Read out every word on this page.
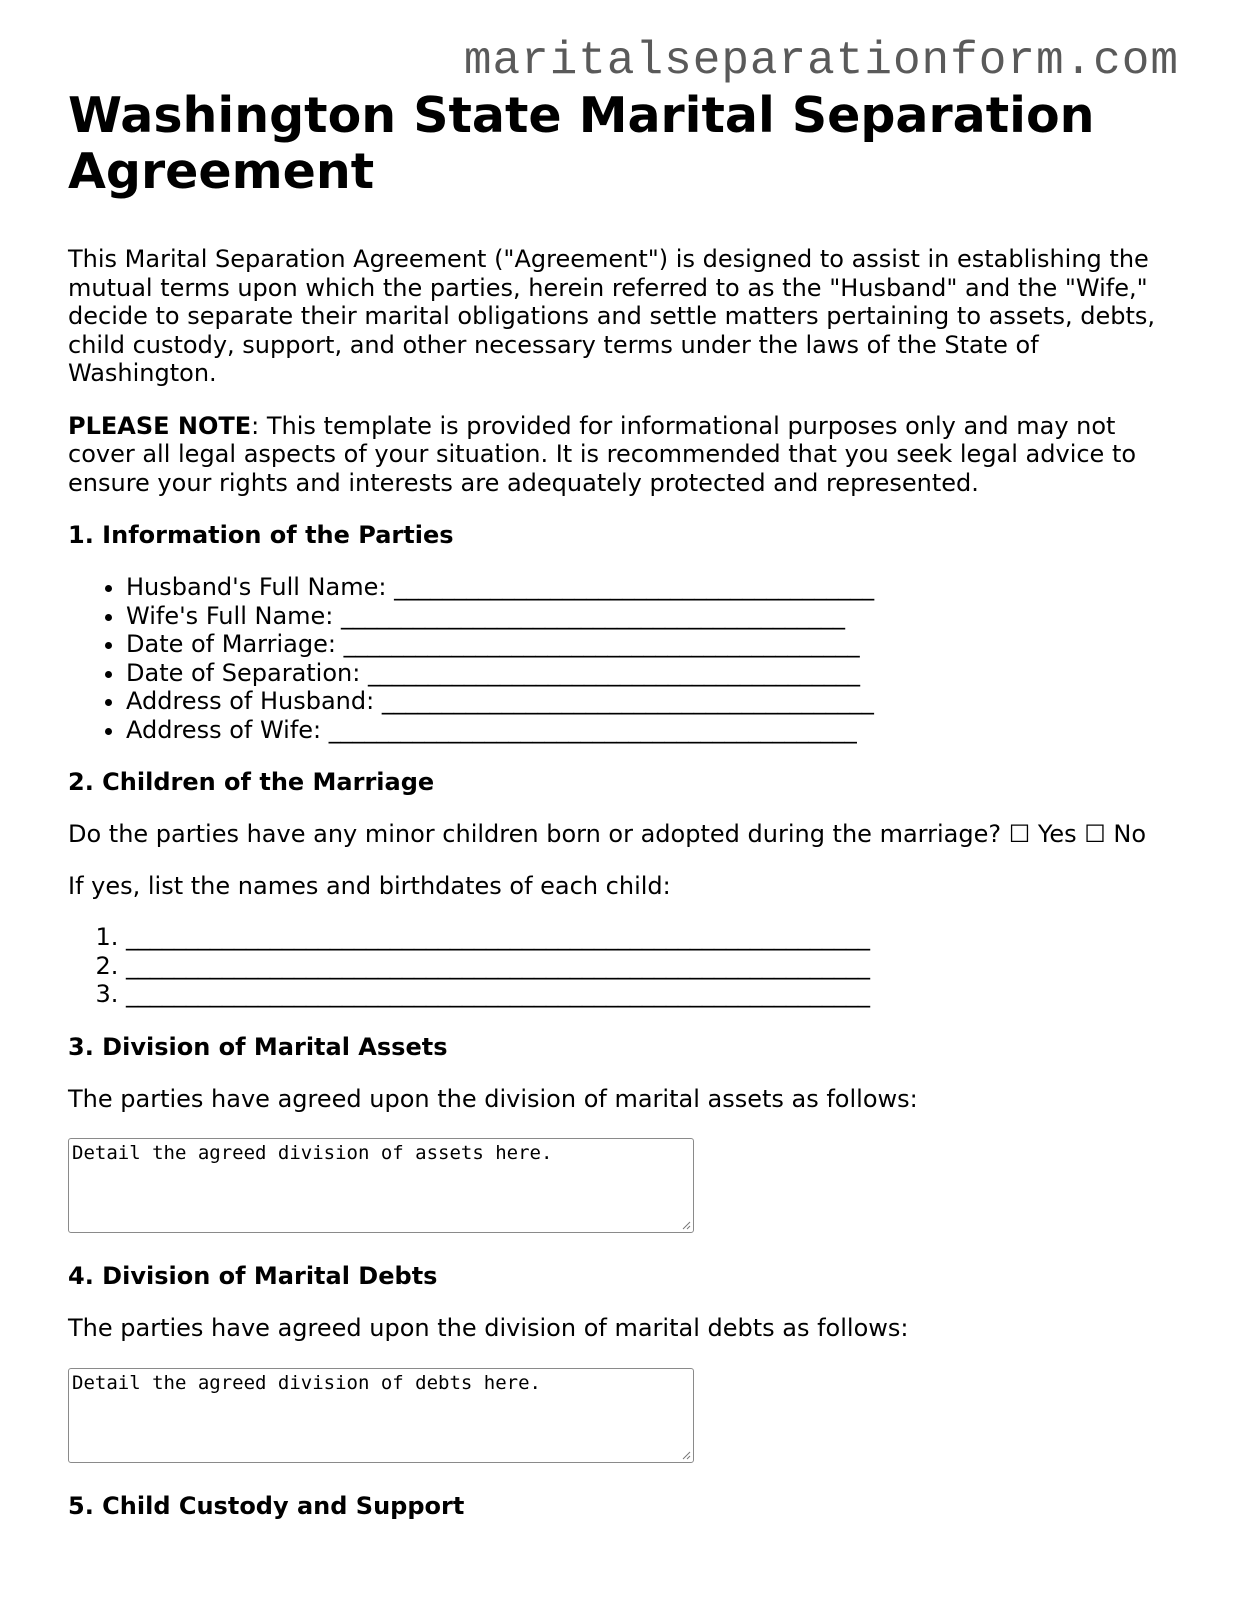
maritalseparationform.com
Washington State Marital Separation Agreement

This Marital Separation Agreement ("Agreement") is designed to assist in establishing the mutual terms upon which the parties, herein referred to as the "Husband" and the "Wife," decide to separate their marital obligations and settle matters pertaining to assets, debts, child custody, support, and other necessary terms under the laws of the State of Washington.

PLEASE NOTE: This template is provided for informational purposes only and may not cover all legal aspects of your situation. It is recommended that you seek legal advice to ensure your rights and interests are adequately protected and represented.

1. Information of the Parties
• Husband's Full Name: ________________________________________
• Wife's Full Name: __________________________________________
• Date of Marriage: ___________________________________________
• Date of Separation: _________________________________________
• Address of Husband: _________________________________________
• Address of Wife: ____________________________________________
2. Children of the Marriage

Do the parties have any minor children born or adopted during the marriage? ☐ Yes ☐ No

If yes, list the names and birthdates of each child:

1. ______________________________________________________________
2. ______________________________________________________________
3. ______________________________________________________________
3. Division of Marital Assets

The parties have agreed upon the division of marital assets as follows:

Detail the agreed division of assets here.
4. Division of Marital Debts

The parties have agreed upon the division of marital debts as follows:

Detail the agreed division of debts here.
5. Child Custody and Support
